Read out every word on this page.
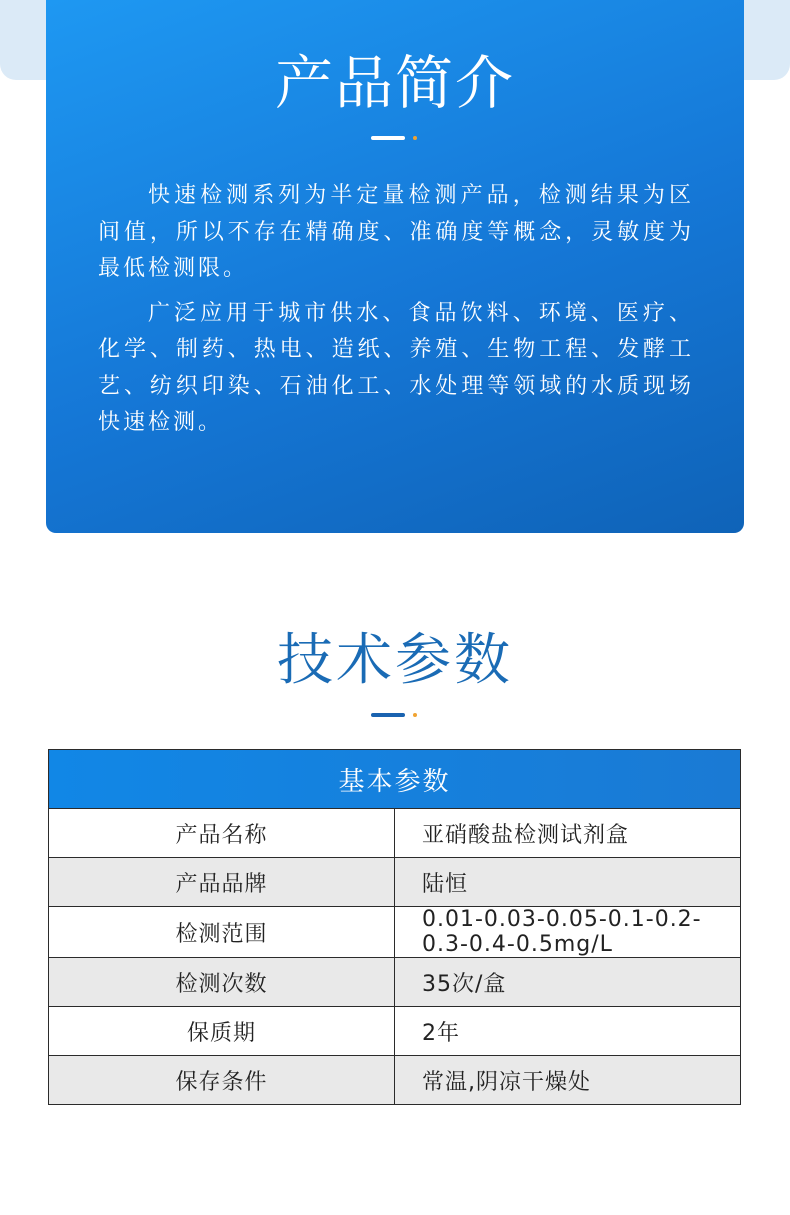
产品简介

快速检测系列为半定量检测产品，检测结果为区间值，所以不存在精确度、准确度等概念，灵敏度为最低检测限。

广泛应用于城市供水、食品饮料、环境、医疗、化学、制药、热电、造纸、养殖、生物工程、发酵工艺、纺织印染、石油化工、水处理等领域的水质现场快速检测。

技术参数
基本参数	
产品名称	亚硝酸盐检测试剂盒
产品品牌	陆恒
检测范围	0.01-0.03-0.05-0.1-0.2-0.3-0.4-0.5mg/L
检测次数	35次/盒
保质期	2年
保存条件	常温,阴凉干燥处
